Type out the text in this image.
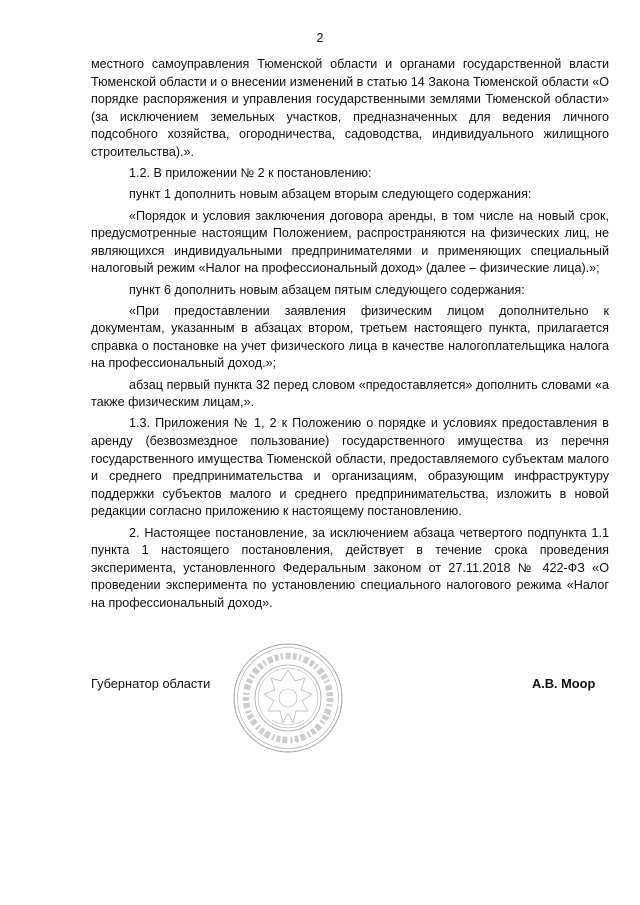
2

местного самоуправления Тюменской области и органами государственной власти Тюменской области и о внесении изменений в статью 14 Закона Тюменской области «О порядке распоряжения и управления государственными землями Тюменской области» (за исключением земельных участков, предназначенных для ведения личного подсобного хозяйства, огородничества, садоводства, индивидуального жилищного строительства).».

1.2. В приложении № 2 к постановлению:

пункт 1 дополнить новым абзацем вторым следующего содержания:

«Порядок и условия заключения договора аренды, в том числе на новый срок, предусмотренные настоящим Положением, распространяются на физических лиц, не являющихся индивидуальными предпринимателями и применяющих специальный налоговый режим «Налог на профессиональный доход» (далее – физические лица).»;

пункт 6 дополнить новым абзацем пятым следующего содержания:

«При предоставлении заявления физическим лицом дополнительно к документам, указанным в абзацах втором, третьем настоящего пункта, прилагается справка о постановке на учет физического лица в качестве налогоплательщика налога на профессиональный доход.»;

абзац первый пункта 32 перед словом «предоставляется» дополнить словами «а также физическим лицам,».

1.3. Приложения № 1, 2 к Положению о порядке и условиях предоставления в аренду (безвозмездное пользование) государственного имущества из перечня государственного имущества Тюменской области, предоставляемого субъектам малого и среднего предпринимательства и организациям, образующим инфраструктуру поддержки субъектов малого и среднего предпринимательства, изложить в новой редакции согласно приложению к настоящему постановлению.

2. Настоящее постановление, за исключением абзаца четвертого подпункта 1.1 пункта 1 настоящего постановления, действует в течение срока проведения эксперимента, установленного Федеральным законом от 27.11.2018 № 422-ФЗ «О проведении эксперимента по установлению специального налогового режима «Налог на профессиональный доход».

Губернатор области	А.В. Моор
